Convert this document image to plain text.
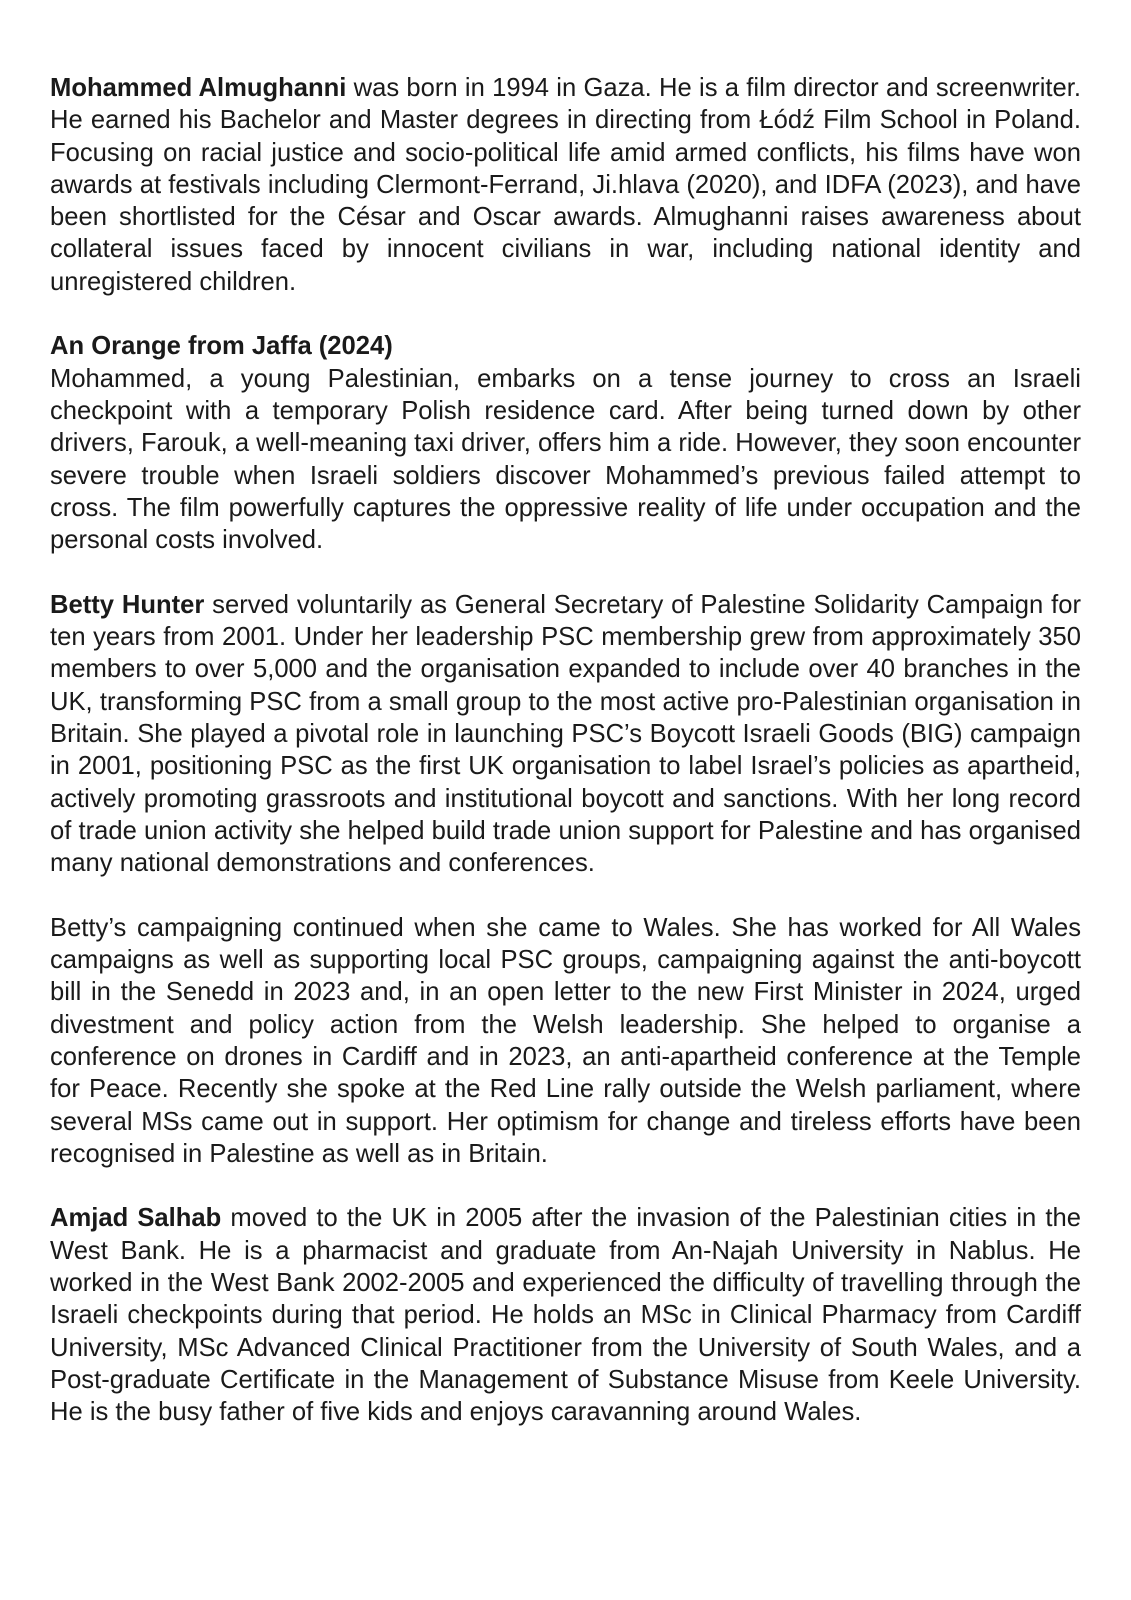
Mohammed Almughanni was born in 1994 in Gaza. He is a film director and screenwriter. He earned his Bachelor and Master degrees in directing from Łódź Film School in Poland. Focusing on racial justice and socio-political life amid armed conflicts, his films have won awards at festivals including Clermont-Ferrand, Ji.hlava (2020), and IDFA (2023), and have been shortlisted for the César and Oscar awards. Almughanni raises awareness about collateral issues faced by innocent civilians in war, including national identity and unregistered children.

An Orange from Jaffa (2024)

Mohammed, a young Palestinian, embarks on a tense journey to cross an Israeli checkpoint with a temporary Polish residence card. After being turned down by other drivers, Farouk, a well-meaning taxi driver, offers him a ride. However, they soon encounter severe trouble when Israeli soldiers discover Mohammed’s previous failed attempt to cross. The film powerfully captures the oppressive reality of life under occupation and the personal costs involved.

Betty Hunter served voluntarily as General Secretary of Palestine Solidarity Campaign for ten years from 2001. Under her leadership PSC membership grew from approximately 350 members to over 5,000 and the organisation expanded to include over 40 branches in the UK, transforming PSC from a small group to the most active pro-Palestinian organisation in Britain. She played a pivotal role in launching PSC’s Boycott Israeli Goods (BIG) campaign in 2001, positioning PSC as the first UK organisation to label Israel’s policies as apartheid, actively promoting grassroots and institutional boycott and sanctions. With her long record of trade union activity she helped build trade union support for Palestine and has organised many national demonstrations and conferences.

Betty’s campaigning continued when she came to Wales. She has worked for All Wales campaigns as well as supporting local PSC groups, campaigning against the anti-boycott bill in the Senedd in 2023 and, in an open letter to the new First Minister in 2024, urged divestment and policy action from the Welsh leadership. She helped to organise a conference on drones in Cardiff and in 2023, an anti-apartheid conference at the Temple for Peace. Recently she spoke at the Red Line rally outside the Welsh parliament, where several MSs came out in support. Her optimism for change and tireless efforts have been recognised in Palestine as well as in Britain.

Amjad Salhab moved to the UK in 2005 after the invasion of the Palestinian cities in the West Bank. He is a pharmacist and graduate from An-Najah University in Nablus. He worked in the West Bank 2002-2005 and experienced the difficulty of travelling through the Israeli checkpoints during that period. He holds an MSc in Clinical Pharmacy from Cardiff University, MSc Advanced Clinical Practitioner from the University of South Wales, and a Post-graduate Certificate in the Management of Substance Misuse from Keele University. He is the busy father of five kids and enjoys caravanning around Wales.
